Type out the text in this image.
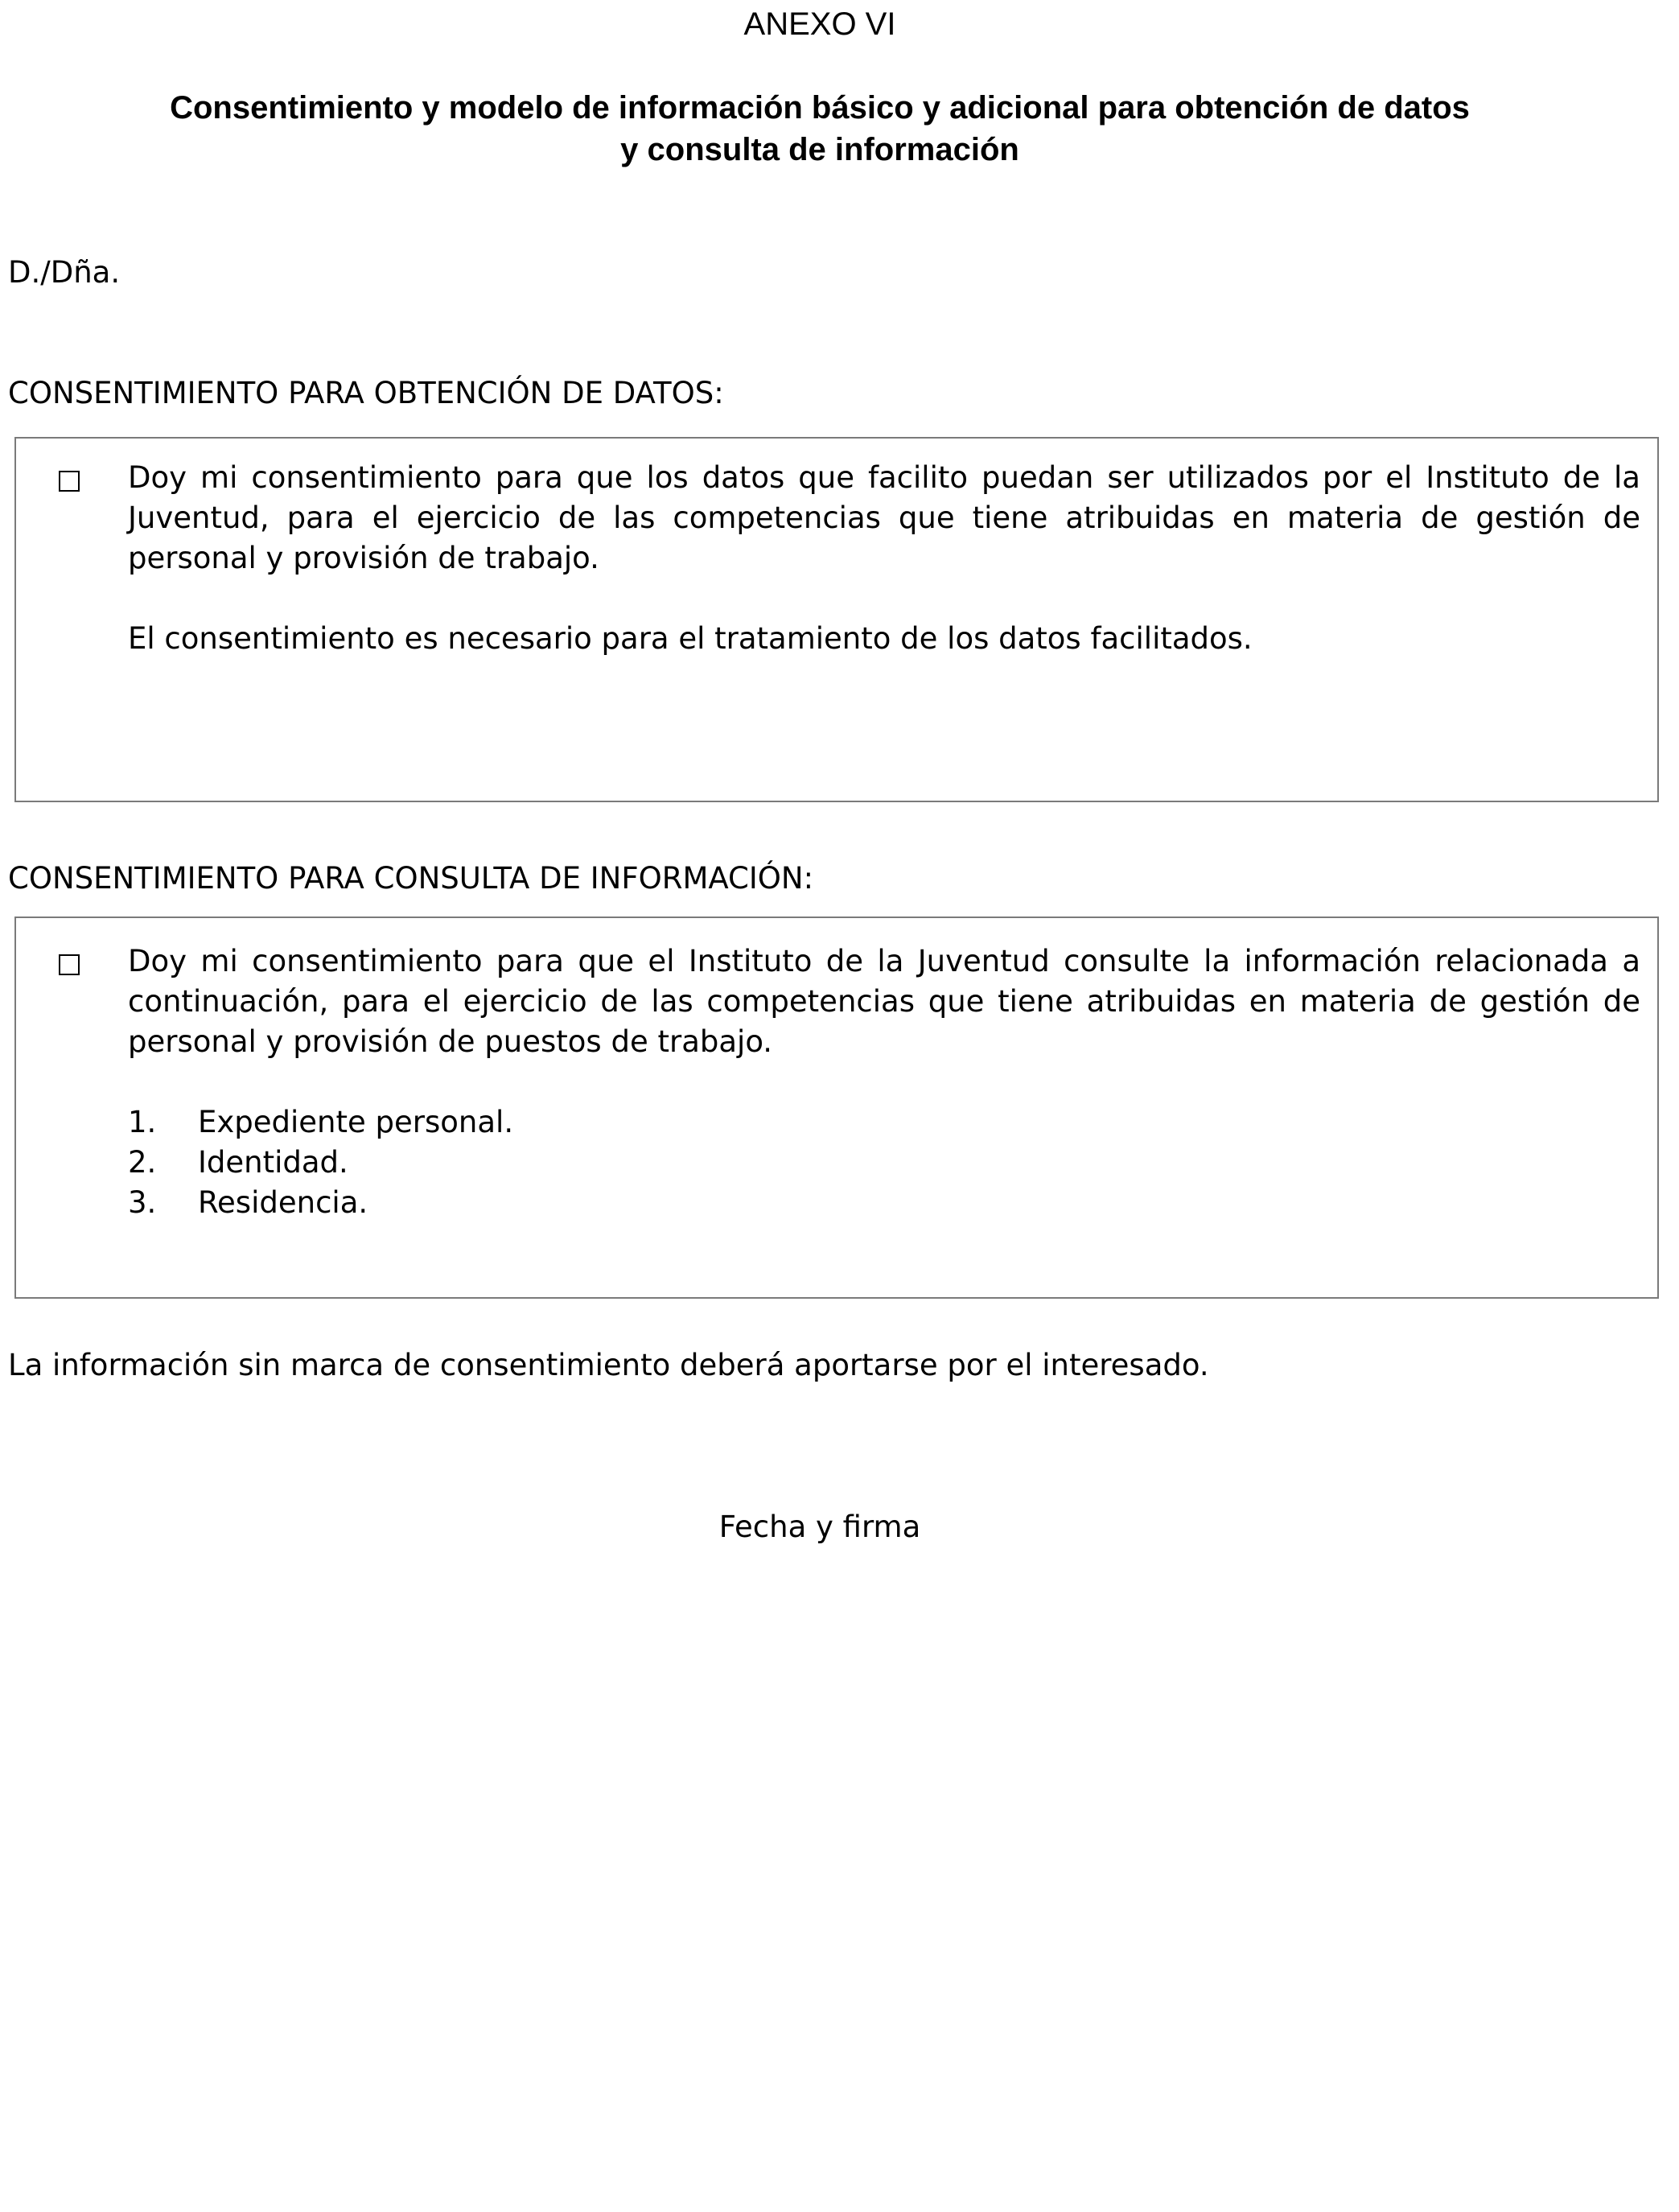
ANEXO VI
Consentimiento y modelo de información básico y adicional para obtención de datos
y consulta de información

D./Dña.

CONSENTIMIENTO PARA OBTENCIÓN DE DATOS:

Doy mi consentimiento para que los datos que facilito puedan ser utilizados por el Instituto de la Juventud, para el ejercicio de las competencias que tiene atribuidas en materia de gestión de personal y provisión de trabajo.

El consentimiento es necesario para el tratamiento de los datos facilitados.

CONSENTIMIENTO PARA CONSULTA DE INFORMACIÓN:

Doy mi consentimiento para que el Instituto de la Juventud consulte la información relacionada a continuación, para el ejercicio de las competencias que tiene atribuidas en materia de gestión de personal y provisión de puestos de trabajo.

1. Expediente personal.
2. Identidad.
3. Residencia.

La información sin marca de consentimiento deberá aportarse por el interesado.

Fecha y firma
